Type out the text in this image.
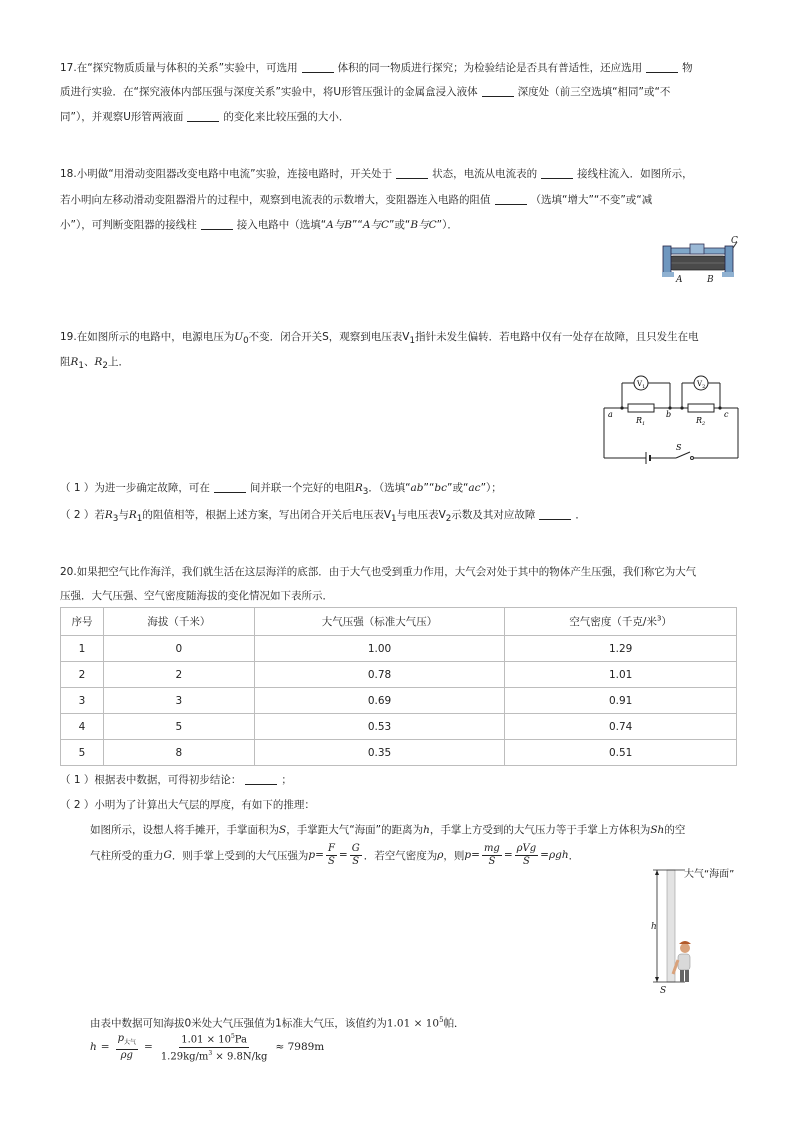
17.在“探究物质质量与体积的关系”实验中，可选用	体积的同一物质进行探究；为检验结论是否具有普适性，还应选用	物
质进行实验．在“探究液体内部压强与深度关系”实验中，将U形管压强计的金属盒浸入液体	深度处（前三空选填“相同”或“不
同”），并观察U形管两液面	的变化来比较压强的大小．
18.小明做“用滑动变阻器改变电路中电流”实验，连接电路时，开关处于	状态，电流从电流表的	接线柱流入．如图所示，
若小明向左移动滑动变阻器滑片的过程中，观察到电流表的示数增大，变阻器连入电路的阻值	（选填“增大”“不变”或“减
小”），可判断变阻器的接线柱	接入电路中（选填“A与B”“A与C”或“B与C”）．
A	B
C
19.在如图所示的电路中，电源电压为$U_0$不变．闭合开关S，观察到电压表$V_1$指针未发生偏转．若电路中仅有一处存在故障，且只发生在电
阻$R_1$、$R_2$上．
$V_1$	$V_2$
a	b	c
$R_1$	$R_2$
S
（ 1 ）为进一步确定故障，可在	间并联一个完好的电阻$R_3$．（选填“ab”“bc”或“ac”）；
（ 2 ）若$R_3$与$R_1$的阻值相等，根据上述方案，写出闭合开关后电压表$V_1$与电压表$V_2$示数及其对应故障	．
20.如果把空气比作海洋，我们就生活在这层海洋的底部．由于大气也受到重力作用，大气会对处于其中的物体产生压强，我们称它为大气
压强．大气压强、空气密度随海拔的变化情况如下表所示．
序号	海拔（千米）	大气压强（标准大气压）	空气密度（千克/米$^3$）
1	0	1.00	1.29
2	2	0.78	1.01
3	3	0.69	0.91
4	5	0.53	0.74
5	8	0.35	0.51
（ 1 ）根据表中数据，可得初步结论：	；
（ 2 ）小明为了计算出大气层的厚度，有如下的推理：
如图所示，设想人将手摊开，手掌面积为S，手掌距大气“海面”的距离为h，手掌上方受到的大气压力等于手掌上方体积为Sh的空
气柱所受的重力 G ．则手掌上受到的大气压强为 $p = \frac{F}{S} = \frac{G}{S}$ ．若空气密度为 ρ ，则 $p = \frac{mg}{S} = \frac{\text{ρVg}}{S} = \rho gh$ ．
大气“海面”
h
S
由表中数据可知海拔0米处大气压强值为1标准大气压，该值约为$1.01 \times 10^5$帕．
$h = \frac{p_{大气}}{\rho g} = \frac{1.01 \times 10^5Pa}{1.29kg/m^3 \times 9.8N/kg} \approx 7989m$
